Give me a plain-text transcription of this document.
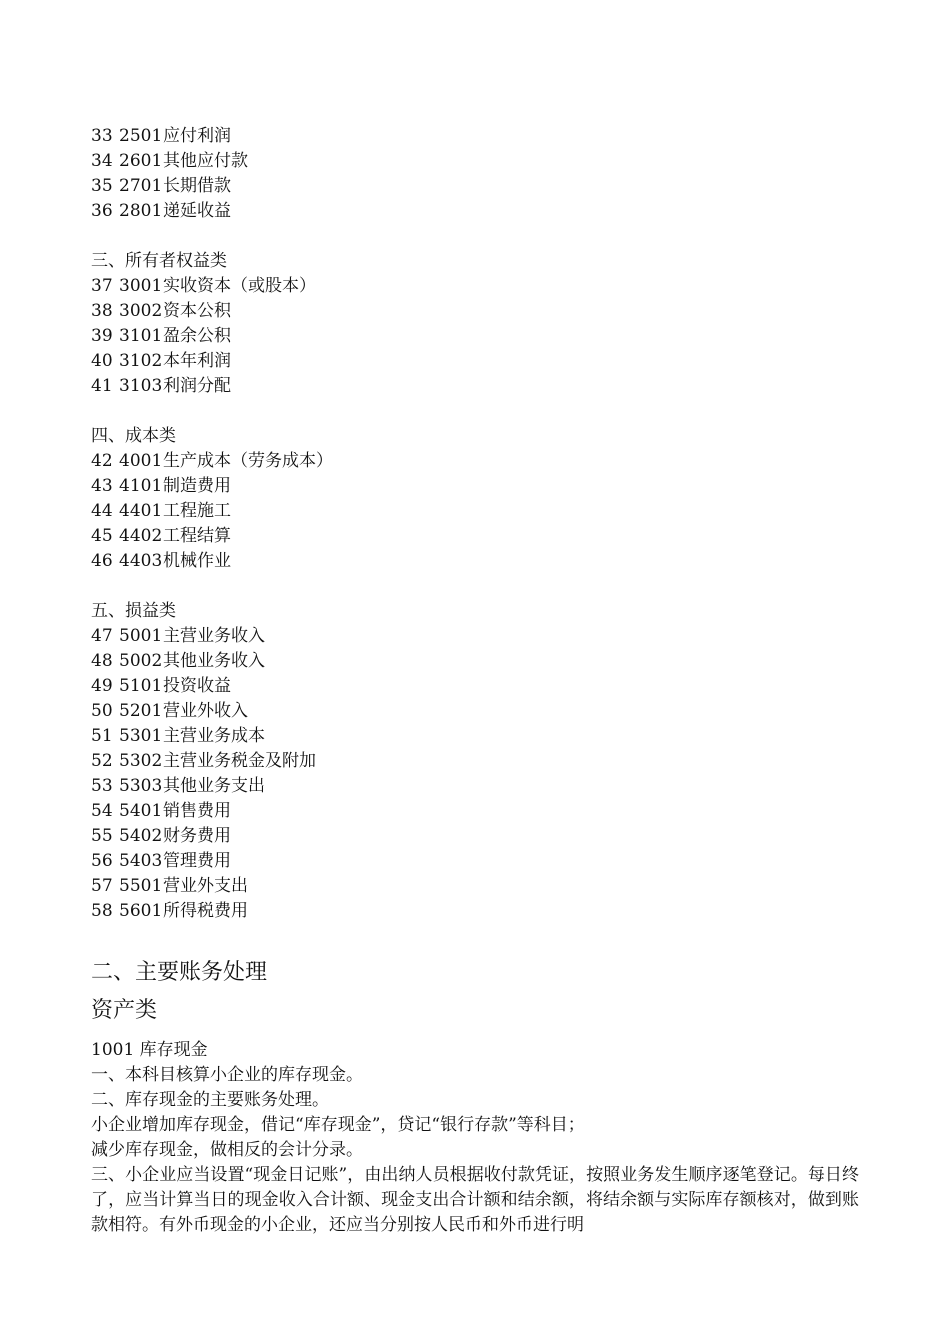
33 2501应付利润
34 2601其他应付款
35 2701长期借款
36 2801递延收益
三、所有者权益类
37 3001实收资本（或股本）
38 3002资本公积
39 3101盈余公积
40 3102本年利润
41 3103利润分配
四、成本类
42 4001生产成本（劳务成本）
43 4101制造费用
44 4401工程施工
45 4402工程结算
46 4403机械作业
五、损益类
47 5001主营业务收入
48 5002其他业务收入
49 5101投资收益
50 5201营业外收入
51 5301主营业务成本
52 5302主营业务税金及附加
53 5303其他业务支出
54 5401销售费用
55 5402财务费用
56 5403管理费用
57 5501营业外支出
58 5601所得税费用
二、主要账务处理
资产类
1001 库存现金
一、本科目核算小企业的库存现金。
二、库存现金的主要账务处理。
小企业增加库存现金，借记“库存现金”，贷记“银行存款”等科目；
减少库存现金，做相反的会计分录。
三、小企业应当设置“现金日记账”，由出纳人员根据收付款凭证，按照业务发生顺序逐笔登记。每日终了，应当计算当日的现金收入合计额、现金支出合计额和结余额，将结余额与实际库存额核对，做到账款相符。有外币现金的小企业，还应当分别按人民币和外币进行明
